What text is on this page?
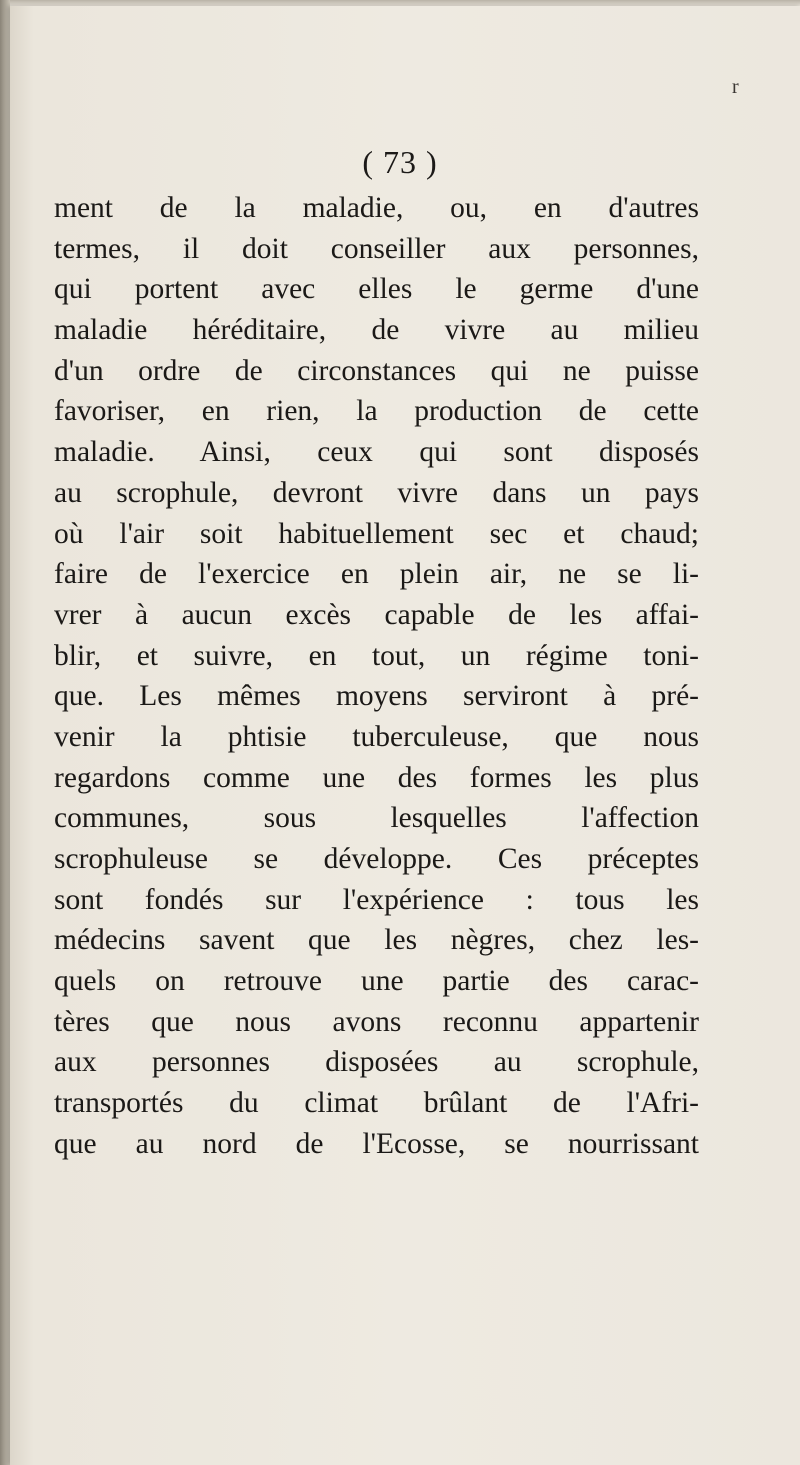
r
( 73 )
ment de la maladie, ou, en d'autres
termes, il doit conseiller aux personnes,
qui portent avec elles le germe d'une
maladie héréditaire, de vivre au milieu
d'un ordre de circonstances qui ne puisse
favoriser, en rien, la production de cette
maladie. Ainsi, ceux qui sont disposés
au scrophule, devront vivre dans un pays
où l'air soit habituellement sec et chaud;
faire de l'exercice en plein air, ne se li-
vrer à aucun excès capable de les affai-
blir, et suivre, en tout, un régime toni-
que. Les mêmes moyens serviront à pré-
venir la phtisie tuberculeuse, que nous
regardons comme une des formes les plus
communes, sous lesquelles l'affection
scrophuleuse se développe. Ces préceptes
sont fondés sur l'expérience : tous les
médecins savent que les nègres, chez les-
quels on retrouve une partie des carac-
tères que nous avons reconnu appartenir
aux personnes disposées au scrophule,
transportés du climat brûlant de l'Afri-
que au nord de l'Ecosse, se nourrissant
